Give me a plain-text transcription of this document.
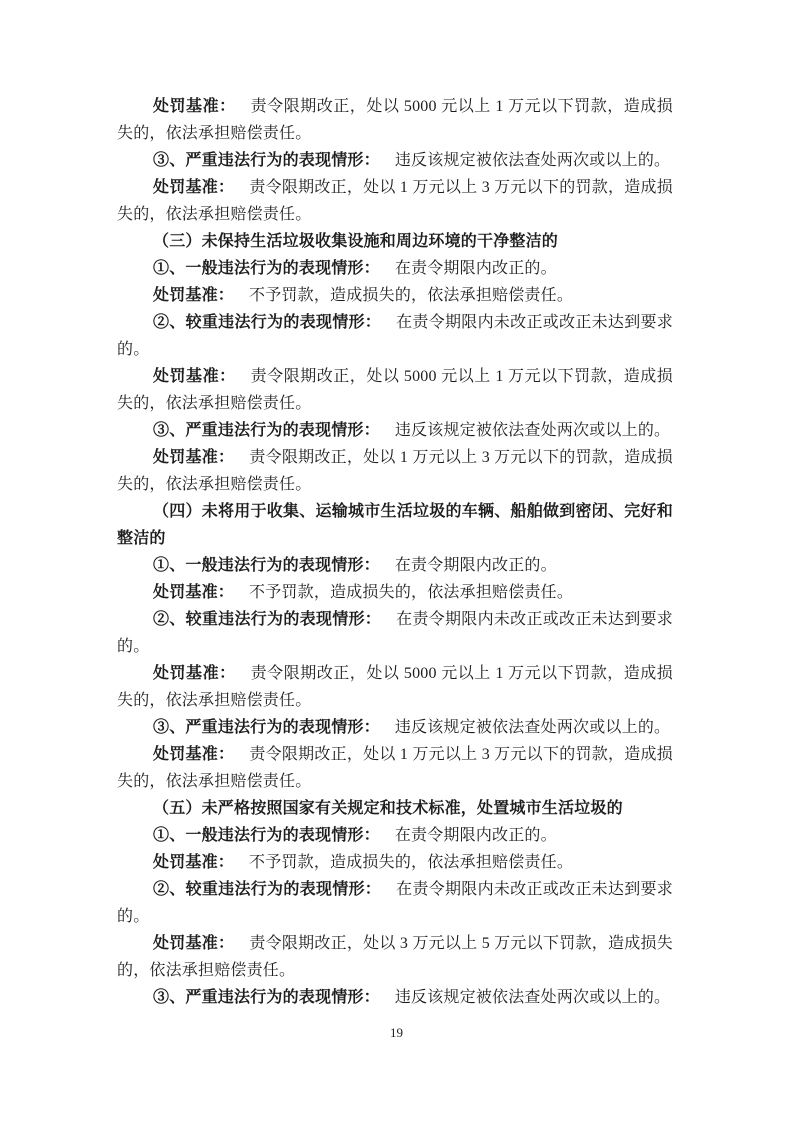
处罚基准： 责令限期改正，处以 5000 元以上 1 万元以下罚款，造成损失的，依法承担赔偿责任。
③、严重违法行为的表现情形： 违反该规定被依法查处两次或以上的。
处罚基准： 责令限期改正，处以 1 万元以上 3 万元以下的罚款，造成损失的，依法承担赔偿责任。
（三）未保持生活垃圾收集设施和周边环境的干净整洁的
①、一般违法行为的表现情形： 在责令期限内改正的。
处罚基准： 不予罚款，造成损失的，依法承担赔偿责任。
②、较重违法行为的表现情形： 在责令期限内未改正或改正未达到要求的。
处罚基准： 责令限期改正，处以 5000 元以上 1 万元以下罚款，造成损失的，依法承担赔偿责任。
③、严重违法行为的表现情形： 违反该规定被依法查处两次或以上的。
处罚基准： 责令限期改正，处以 1 万元以上 3 万元以下的罚款，造成损失的，依法承担赔偿责任。
（四）未将用于收集、运输城市生活垃圾的车辆、船舶做到密闭、完好和整洁的
①、一般违法行为的表现情形： 在责令期限内改正的。
处罚基准： 不予罚款，造成损失的，依法承担赔偿责任。
②、较重违法行为的表现情形： 在责令期限内未改正或改正未达到要求的。
处罚基准： 责令限期改正，处以 5000 元以上 1 万元以下罚款，造成损失的，依法承担赔偿责任。
③、严重违法行为的表现情形： 违反该规定被依法查处两次或以上的。
处罚基准： 责令限期改正，处以 1 万元以上 3 万元以下的罚款，造成损失的，依法承担赔偿责任。
（五）未严格按照国家有关规定和技术标准，处置城市生活垃圾的
①、一般违法行为的表现情形： 在责令期限内改正的。
处罚基准： 不予罚款，造成损失的，依法承担赔偿责任。
②、较重违法行为的表现情形： 在责令期限内未改正或改正未达到要求的。
处罚基准： 责令限期改正，处以 3 万元以上 5 万元以下罚款，造成损失的，依法承担赔偿责任。
③、严重违法行为的表现情形： 违反该规定被依法查处两次或以上的。
19
